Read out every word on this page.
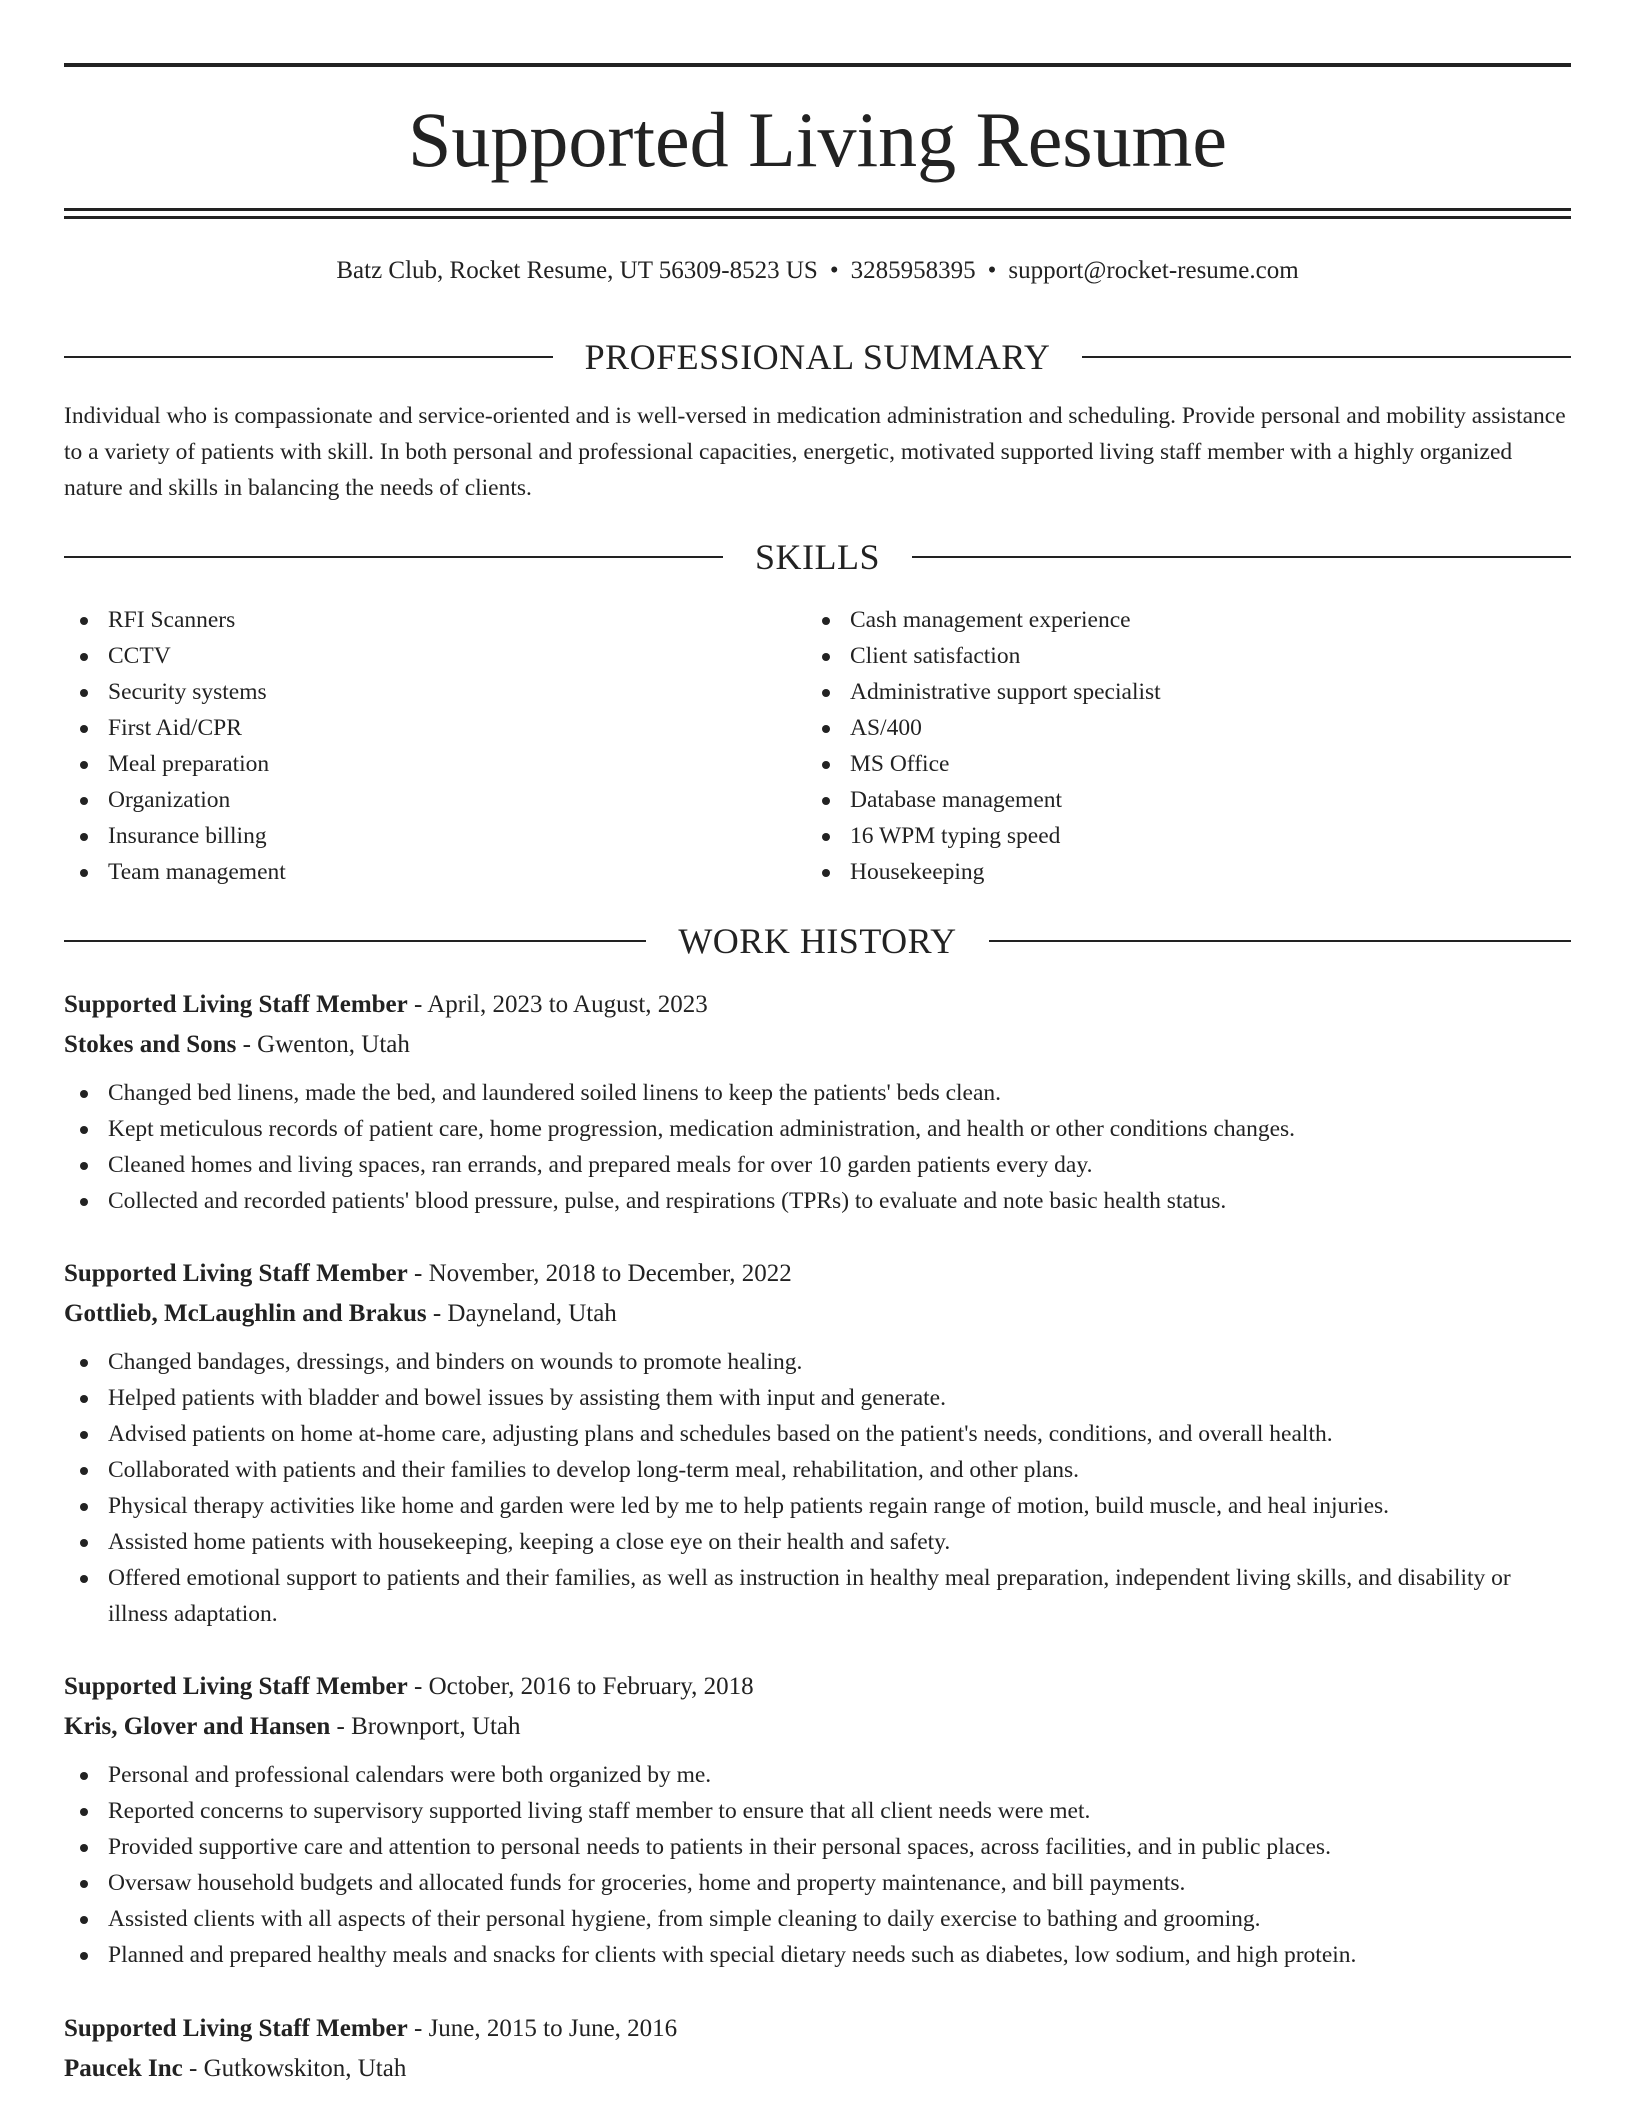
Supported Living Resume
Batz Club, Rocket Resume, UT 56309-8523 US • 3285958395 • support@rocket-resume.com
PROFESSIONAL SUMMARY

Individual who is compassionate and service-oriented and is well-versed in medication administration and scheduling. Provide personal and mobility assistance to a variety of patients with skill. In both personal and professional capacities, energetic, motivated supported living staff member with a highly organized nature and skills in balancing the needs of clients.

SKILLS
RFI Scanners
CCTV
Security systems
First Aid/CPR
Meal preparation
Organization
Insurance billing
Team management
Cash management experience
Client satisfaction
Administrative support specialist
AS/400
MS Office
Database management
16 WPM typing speed
Housekeeping
WORK HISTORY
Supported Living Staff Member - April, 2023 to August, 2023
Stokes and Sons - Gwenton, Utah
Changed bed linens, made the bed, and laundered soiled linens to keep the patients' beds clean.
Kept meticulous records of patient care, home progression, medication administration, and health or other conditions changes.
Cleaned homes and living spaces, ran errands, and prepared meals for over 10 garden patients every day.
Collected and recorded patients' blood pressure, pulse, and respirations (TPRs) to evaluate and note basic health status.
Supported Living Staff Member - November, 2018 to December, 2022
Gottlieb, McLaughlin and Brakus - Dayneland, Utah
Changed bandages, dressings, and binders on wounds to promote healing.
Helped patients with bladder and bowel issues by assisting them with input and generate.
Advised patients on home at-home care, adjusting plans and schedules based on the patient's needs, conditions, and overall health.
Collaborated with patients and their families to develop long-term meal, rehabilitation, and other plans.
Physical therapy activities like home and garden were led by me to help patients regain range of motion, build muscle, and heal injuries.
Assisted home patients with housekeeping, keeping a close eye on their health and safety.
Offered emotional support to patients and their families, as well as instruction in healthy meal preparation, independent living skills, and disability or illness adaptation.
Supported Living Staff Member - October, 2016 to February, 2018
Kris, Glover and Hansen - Brownport, Utah
Personal and professional calendars were both organized by me.
Reported concerns to supervisory supported living staff member to ensure that all client needs were met.
Provided supportive care and attention to personal needs to patients in their personal spaces, across facilities, and in public places.
Oversaw household budgets and allocated funds for groceries, home and property maintenance, and bill payments.
Assisted clients with all aspects of their personal hygiene, from simple cleaning to daily exercise to bathing and grooming.
Planned and prepared healthy meals and snacks for clients with special dietary needs such as diabetes, low sodium, and high protein.
Supported Living Staff Member - June, 2015 to June, 2016
Paucek Inc - Gutkowskiton, Utah
